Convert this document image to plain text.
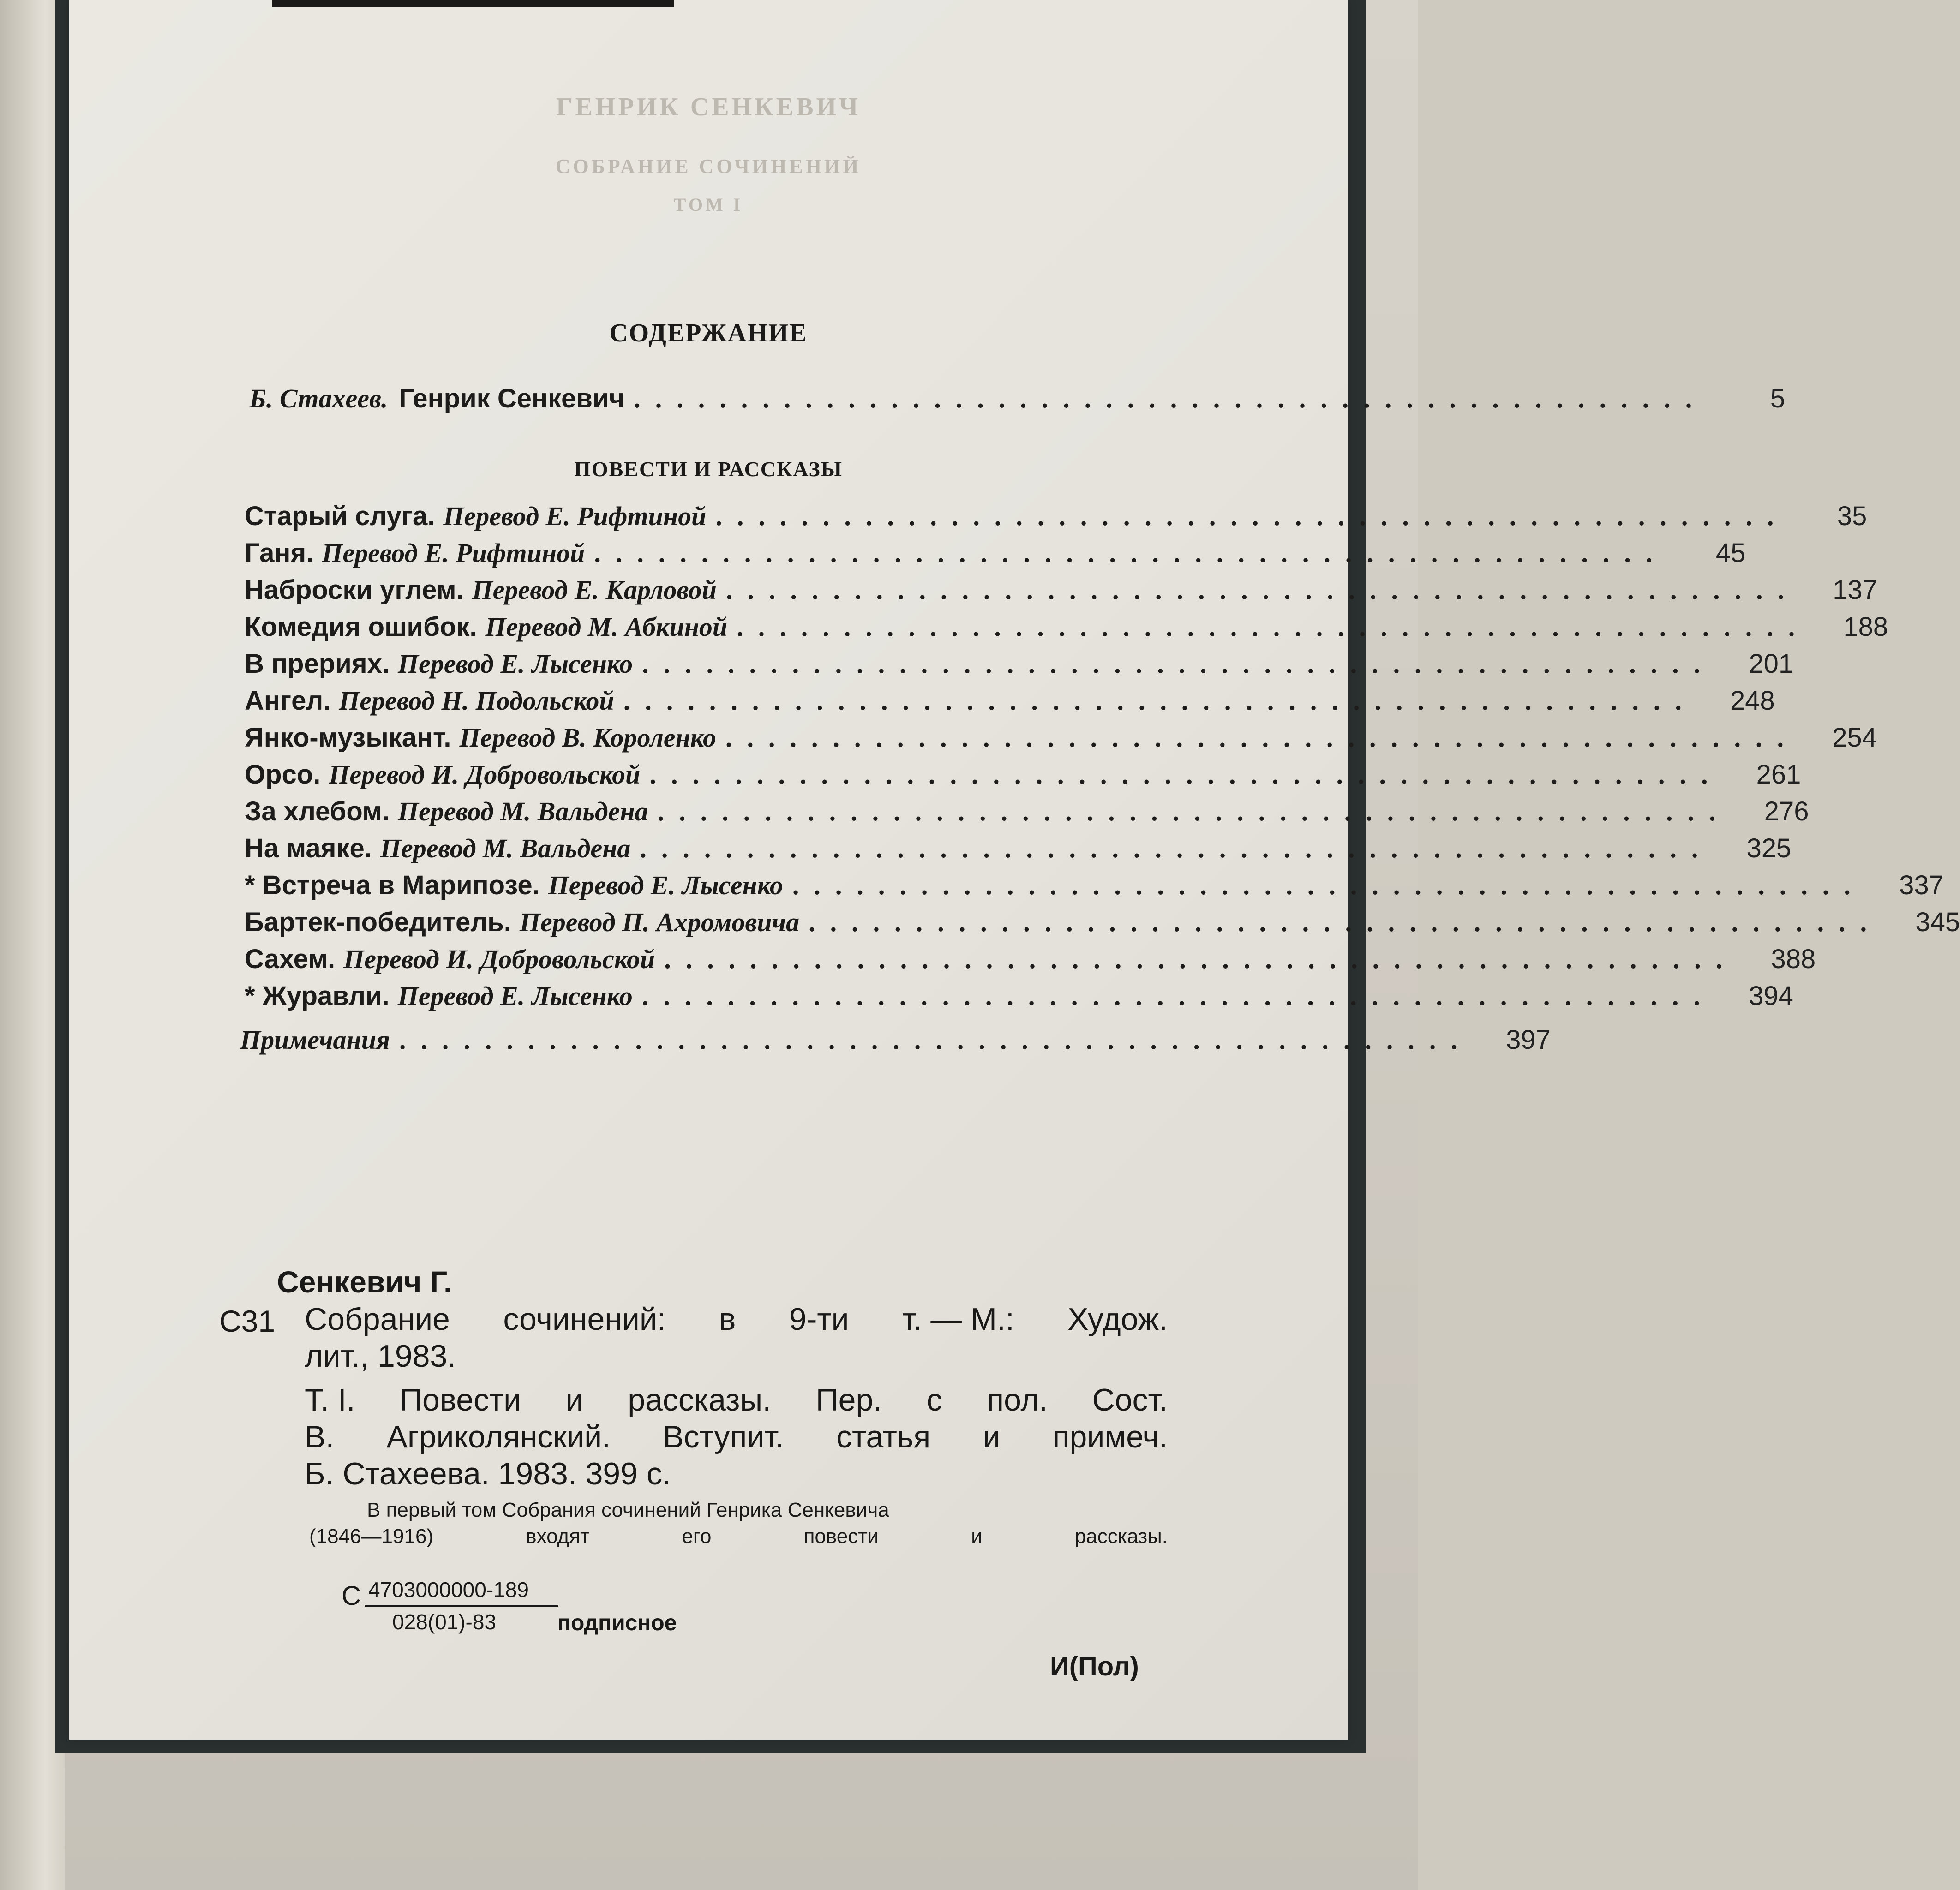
ГЕНРИК СЕНКЕВИЧ
СОБРАНИЕ СОЧИНЕНИЙ
ТОМ I
СОДЕРЖАНИЕ
Б. Стахеев. Генрик Сенкевич ..................................................	5
ПОВЕСТИ И РАССКАЗЫ
Старый слуга. Перевод Е. Рифтиной ..................................................	35
Ганя. Перевод Е. Рифтиной ..................................................	45
Наброски углем. Перевод Е. Карловой ..................................................	137
Комедия ошибок. Перевод М. Абкиной ..................................................	188
В прериях. Перевод Е. Лысенко ..................................................	201
Ангел. Перевод Н. Подольской ..................................................	248
Янко-музыкант. Перевод В. Короленко ..................................................	254
Орсо. Перевод И. Добровольской ..................................................	261
За хлебом. Перевод М. Вальдена ..................................................	276
На маяке. Перевод М. Вальдена ..................................................	325
* Встреча в Марипозе. Перевод Е. Лысенко ..................................................	337
Бартек-победитель. Перевод П. Ахромовича ..................................................	345
Сахем. Перевод И. Добровольской ..................................................	388
* Журавли. Перевод Е. Лысенко ..................................................	394
Примечания ..................................................	397
Сенкевич Г.
С31 Собрание сочинений: в 9-ти т. — М.: Худож.
лит., 1983.
Т. I. Повести и рассказы. Пер. с пол. Сост.
В. Агриколянский. Вступит. статья и примеч.
Б. Стахеева. 1983. 399 с.
В первый том Собрания сочинений Генрика Сенкевича
(1846—1916)	входят	его	повести	и	рассказы.
С 4703000000-189
028(01)-83	подписное
И(Пол)
